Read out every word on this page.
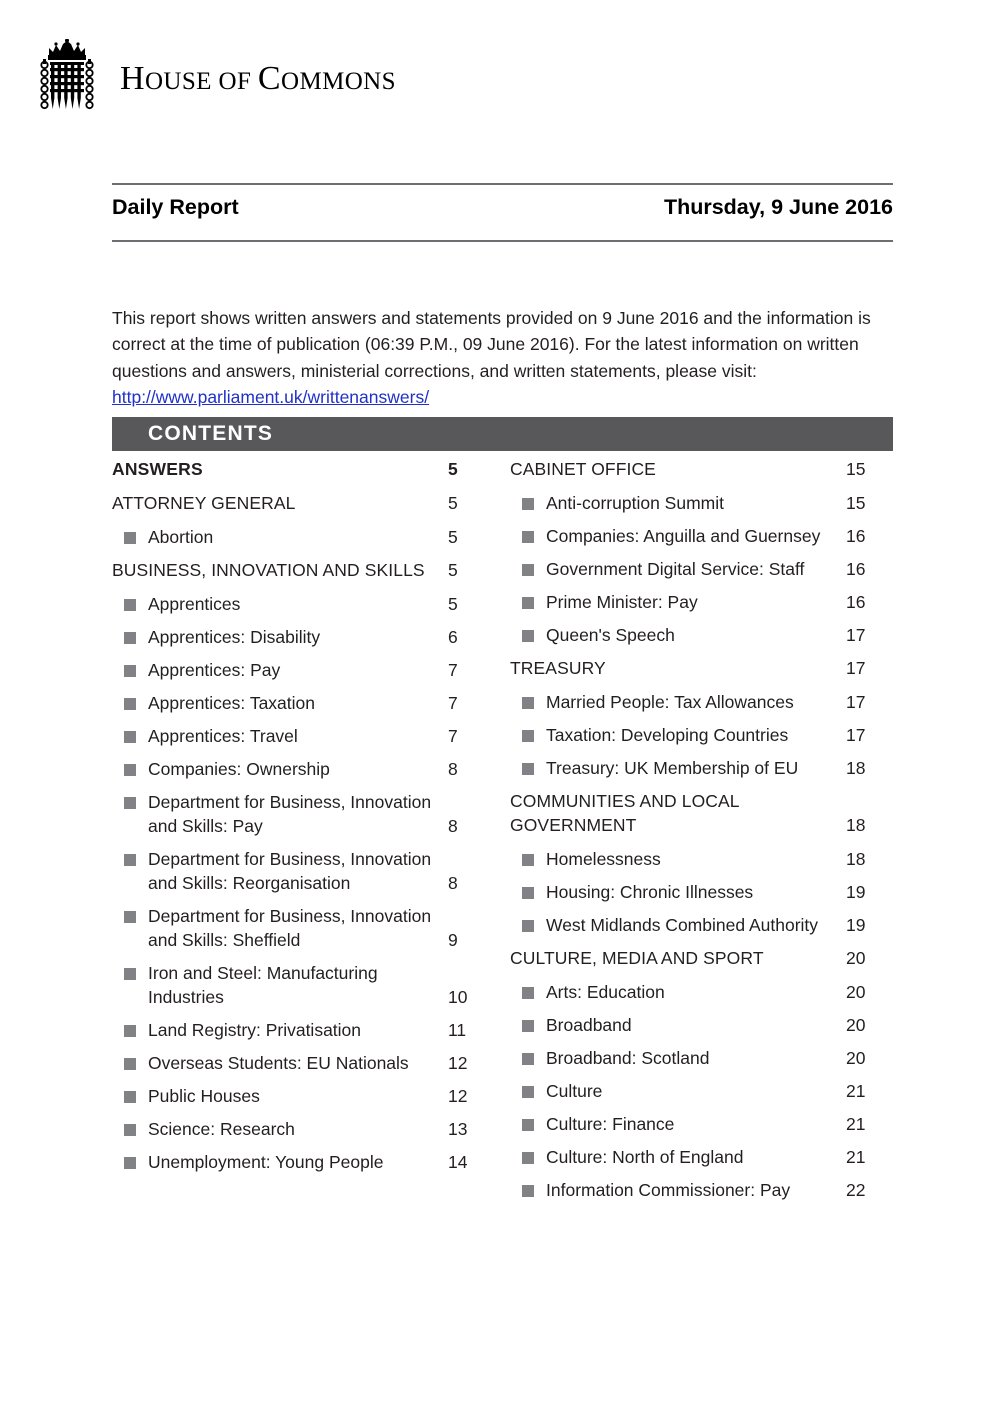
HOUSE OF COMMONS
Daily Report	Thursday, 9 June 2016

This report shows written answers and statements provided on 9 June 2016 and the information is correct at the time of publication (06:39 P.M., 09 June 2016). For the latest information on written questions and answers, ministerial corrections, and written statements, please visit: http://www.parliament.uk/writtenanswers/

CONTENTS
ANSWERS	5
ATTORNEY GENERAL	5
Abortion	5
BUSINESS, INNOVATION AND SKILLS	5
Apprentices	5
Apprentices: Disability	6
Apprentices: Pay	7
Apprentices: Taxation	7
Apprentices: Travel	7
Companies: Ownership	8
Department for Business, Innovation and Skills: Pay	8
Department for Business, Innovation and Skills: Reorganisation	8
Department for Business, Innovation and Skills: Sheffield	9
Iron and Steel: Manufacturing Industries	10
Land Registry: Privatisation	11
Overseas Students: EU Nationals	12
Public Houses	12
Science: Research	13
Unemployment: Young People	14
CABINET OFFICE	15
Anti-corruption Summit	15
Companies: Anguilla and Guernsey	16
Government Digital Service: Staff	16
Prime Minister: Pay	16
Queen's Speech	17
TREASURY	17
Married People: Tax Allowances	17
Taxation: Developing Countries	17
Treasury: UK Membership of EU	18
COMMUNITIES AND LOCAL GOVERNMENT	18
Homelessness	18
Housing: Chronic Illnesses	19
West Midlands Combined Authority	19
CULTURE, MEDIA AND SPORT	20
Arts: Education	20
Broadband	20
Broadband: Scotland	20
Culture	21
Culture: Finance	21
Culture: North of England	21
Information Commissioner: Pay	22
